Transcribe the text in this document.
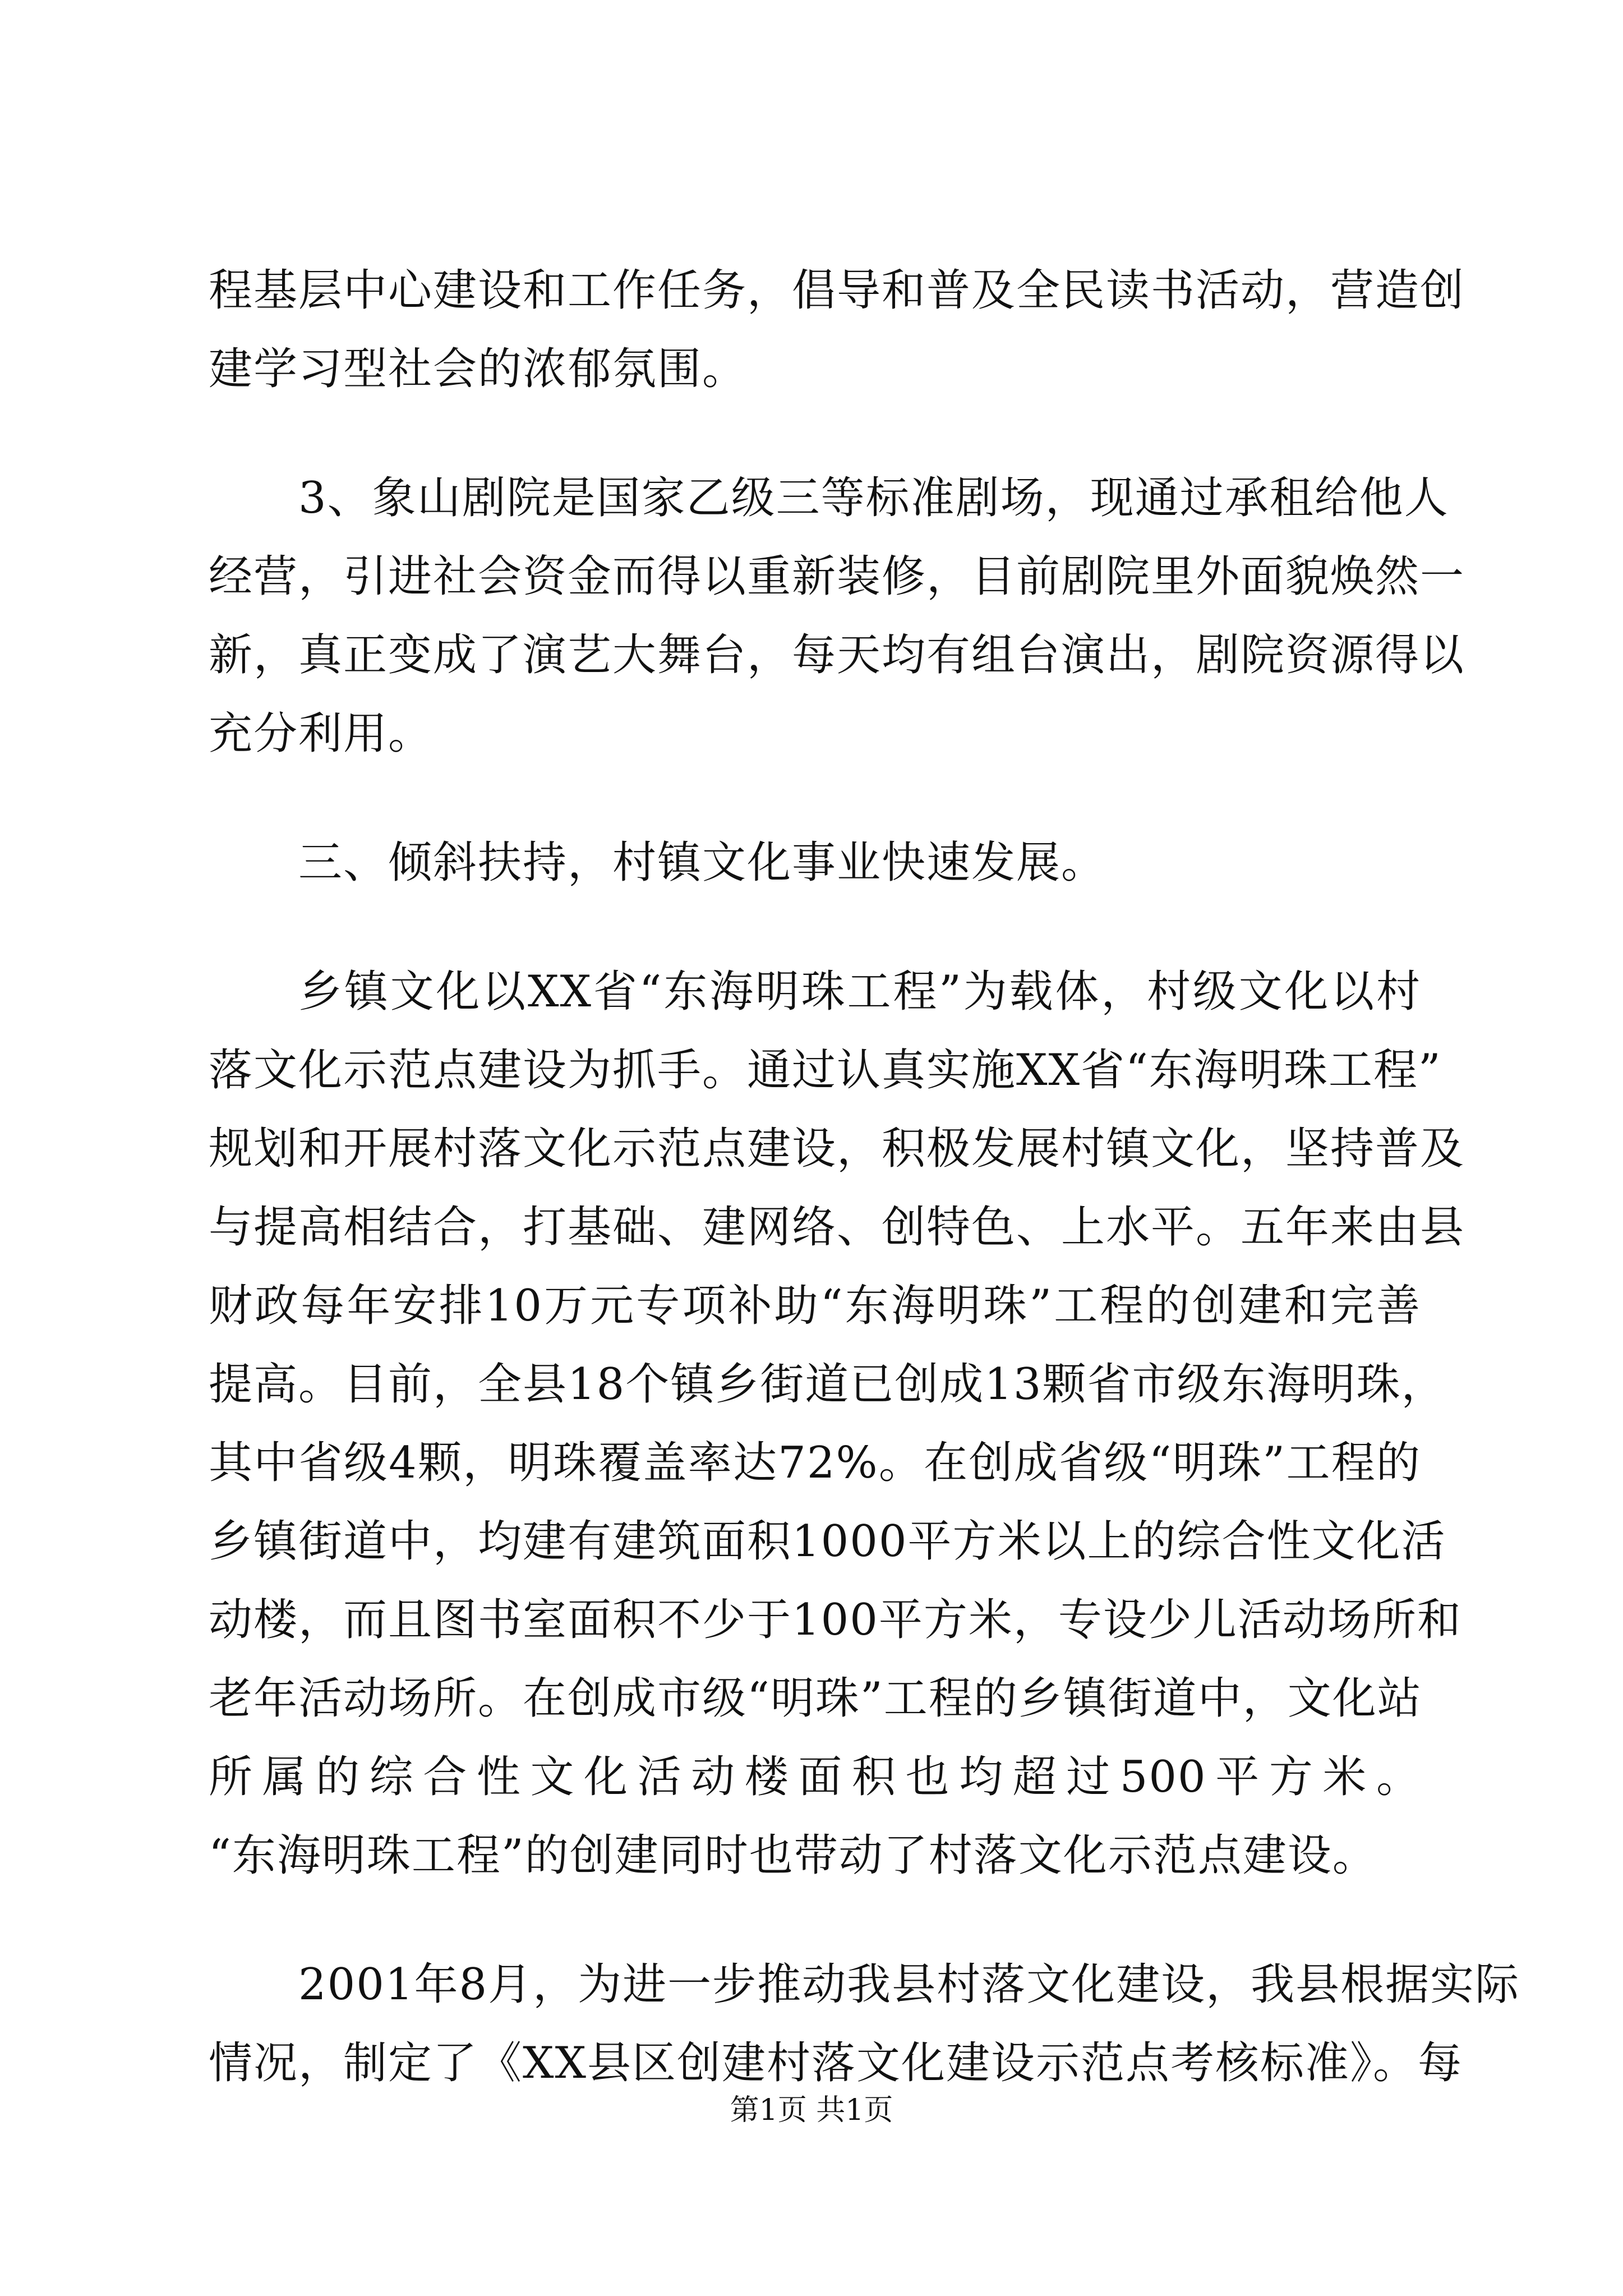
程基层中心建设和工作任务，倡导和普及全民读书活动，营造创
建学习型社会的浓郁氛围。
3、象山剧院是国家乙级三等标准剧场，现通过承租给他人
经营，引进社会资金而得以重新装修，目前剧院里外面貌焕然一
新，真正变成了演艺大舞台，每天均有组台演出，剧院资源得以
充分利用。
三、倾斜扶持，村镇文化事业快速发展。
乡镇文化以XX省“东海明珠工程”为载体，村级文化以村
落文化示范点建设为抓手。通过认真实施XX省“东海明珠工程”
规划和开展村落文化示范点建设，积极发展村镇文化，坚持普及
与提高相结合，打基础、建网络、创特色、上水平。五年来由县
财政每年安排10万元专项补助“东海明珠”工程的创建和完善
提高。目前，全县18个镇乡街道已创成13颗省市级东海明珠，
其中省级4颗，明珠覆盖率达72%。在创成省级“明珠”工程的
乡镇街道中，均建有建筑面积1000平方米以上的综合性文化活
动楼，而且图书室面积不少于100平方米，专设少儿活动场所和
老年活动场所。在创成市级“明珠”工程的乡镇街道中，文化站
所属的综合性文化活动楼面积也均超过500平方米。
“东海明珠工程”的创建同时也带动了村落文化示范点建设。
2001年8月，为进一步推动我县村落文化建设，我县根据实际
情况，制定了《XX县区创建村落文化建设示范点考核标准》。每
第1页 共1页
